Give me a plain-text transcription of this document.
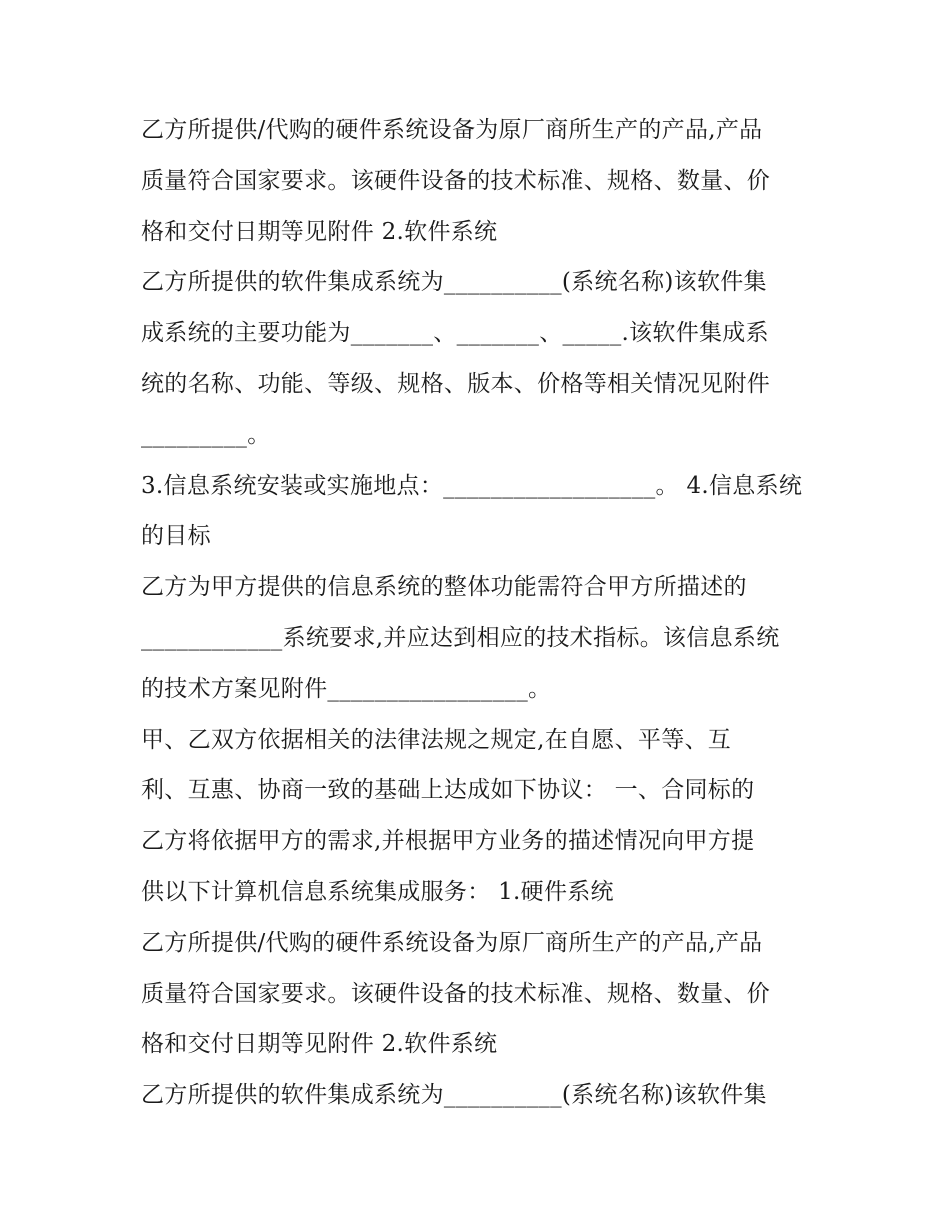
乙方所提供/代购的硬件系统设备为原厂商所生产的产品,产品
质量符合国家要求。该硬件设备的技术标准、规格、数量、价
格和交付日期等见附件 2.软件系统
乙方所提供的软件集成系统为__________(系统名称)该软件集
成系统的主要功能为_______、_______、_____.该软件集成系
统的名称、功能、等级、规格、版本、价格等相关情况见附件
_________。
3.信息系统安装或实施地点：__________________。 4.信息系统
的目标
乙方为甲方提供的信息系统的整体功能需符合甲方所描述的
____________系统要求,并应达到相应的技术指标。该信息系统
的技术方案见附件_________________。
甲、乙双方依据相关的法律法规之规定,在自愿、平等、互
利、互惠、协商一致的基础上达成如下协议： 一、合同标的
乙方将依据甲方的需求,并根据甲方业务的描述情况向甲方提
供以下计算机信息系统集成服务： 1.硬件系统
乙方所提供/代购的硬件系统设备为原厂商所生产的产品,产品
质量符合国家要求。该硬件设备的技术标准、规格、数量、价
格和交付日期等见附件 2.软件系统
乙方所提供的软件集成系统为__________(系统名称)该软件集
